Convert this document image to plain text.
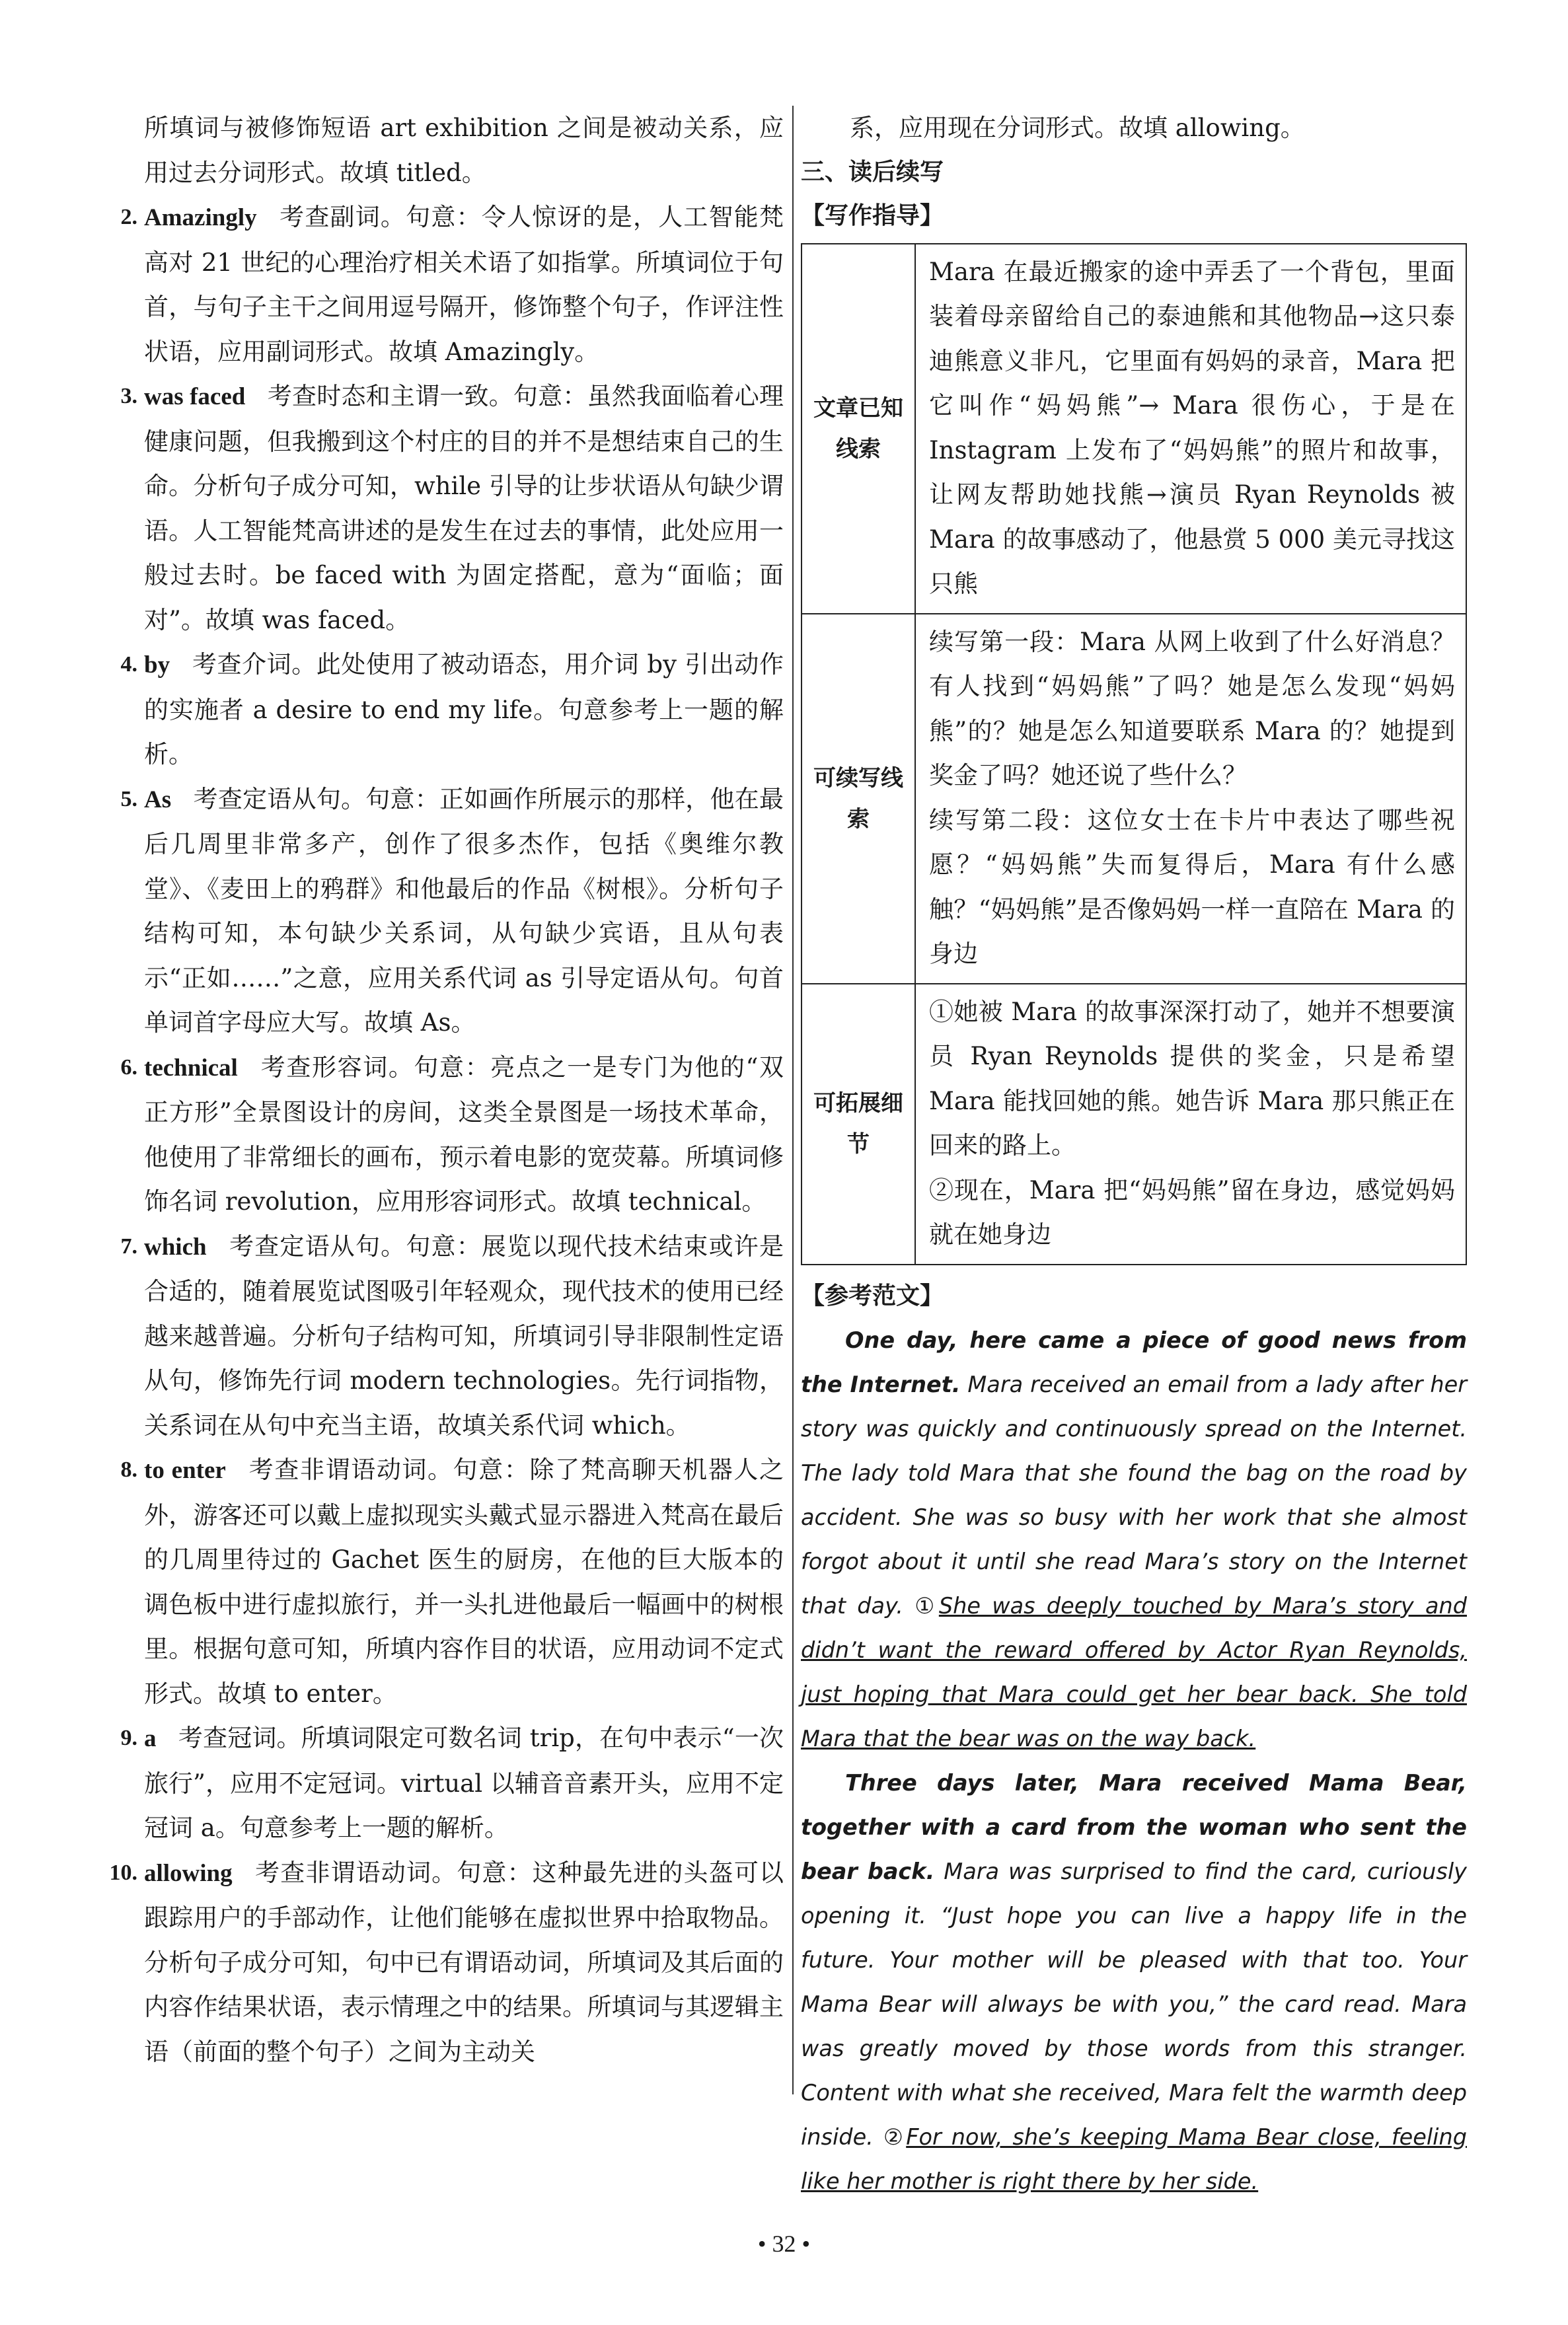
所填词与被修饰短语 art exhibition 之间是被动关系，应用过去分词形式。故填 titled。

2. Amazingly 考查副词。句意：令人惊讶的是，人工智能梵高对 21 世纪的心理治疗相关术语了如指掌。所填词位于句首，与句子主干之间用逗号隔开，修饰整个句子，作评注性状语，应用副词形式。故填 Amazingly。

3. was faced 考查时态和主谓一致。句意：虽然我面临着心理健康问题，但我搬到这个村庄的目的并不是想结束自己的生命。分析句子成分可知，while 引导的让步状语从句缺少谓语。人工智能梵高讲述的是发生在过去的事情，此处应用一般过去时。be faced with 为固定搭配，意为“面临；面对”。故填 was faced。

4. by 考查介词。此处使用了被动语态，用介词 by 引出动作的实施者 a desire to end my life。句意参考上一题的解析。

5. As 考查定语从句。句意：正如画作所展示的那样，他在最后几周里非常多产，创作了很多杰作，包括《奥维尔教堂》、《麦田上的鸦群》和他最后的作品《树根》。分析句子结构可知，本句缺少关系词，从句缺少宾语，且从句表示“正如……”之意，应用关系代词 as 引导定语从句。句首单词首字母应大写。故填 As。

6. technical 考查形容词。句意：亮点之一是专门为他的“双正方形”全景图设计的房间，这类全景图是一场技术革命，他使用了非常细长的画布，预示着电影的宽荧幕。所填词修饰名词 revolution，应用形容词形式。故填 technical。

7. which 考查定语从句。句意：展览以现代技术结束或许是合适的，随着展览试图吸引年轻观众，现代技术的使用已经越来越普遍。分析句子结构可知，所填词引导非限制性定语从句，修饰先行词 modern technologies。先行词指物，关系词在从句中充当主语，故填关系代词 which。

8. to enter 考查非谓语动词。句意：除了梵高聊天机器人之外，游客还可以戴上虚拟现实头戴式显示器进入梵高在最后的几周里待过的 Gachet 医生的厨房，在他的巨大版本的调色板中进行虚拟旅行，并一头扎进他最后一幅画中的树根里。根据句意可知，所填内容作目的状语，应用动词不定式形式。故填 to enter。

9. a 考查冠词。所填词限定可数名词 trip，在句中表示“一次旅行”，应用不定冠词。virtual 以辅音音素开头，应用不定冠词 a。句意参考上一题的解析。

10. allowing 考查非谓语动词。句意：这种最先进的头盔可以跟踪用户的手部动作，让他们能够在虚拟世界中拾取物品。分析句子成分可知，句中已有谓语动词，所填词及其后面的内容作结果状语，表示情理之中的结果。所填词与其逻辑主语（前面的整个句子）之间为主动关

系，应用现在分词形式。故填 allowing。

三、读后续写

【写作指导】

文章已知线索	Mara 在最近搬家的途中弄丢了一个背包，里面装着母亲留给自己的泰迪熊和其他物品→这只泰迪熊意义非凡，它里面有妈妈的录音，Mara 把它叫作“妈妈熊”→ Mara 很伤心，于是在 Instagram 上发布了“妈妈熊”的照片和故事，让网友帮助她找熊→演员 Ryan Reynolds 被 Mara 的故事感动了，他悬赏 5 000 美元寻找这只熊

可续写线索	续写第一段：Mara 从网上收到了什么好消息？有人找到“妈妈熊”了吗？她是怎么发现“妈妈熊”的？她是怎么知道要联系 Mara 的？她提到奖金了吗？她还说了些什么？

续写第二段：这位女士在卡片中表达了哪些祝愿？“妈妈熊”失而复得后，Mara 有什么感触？“妈妈熊”是否像妈妈一样一直陪在 Mara 的身边

可拓展细节	①她被 Mara 的故事深深打动了，她并不想要演员 Ryan Reynolds 提供的奖金，只是希望 Mara 能找回她的熊。她告诉 Mara 那只熊正在回来的路上。

②现在，Mara 把“妈妈熊”留在身边，感觉妈妈就在她身边

【参考范文】

One day, here came a piece of good news from the Internet. Mara received an email from a lady after her story was quickly and continuously spread on the Internet. The lady told Mara that she found the bag on the road by accident. She was so busy with her work that she almost forgot about it until she read Mara’s story on the Internet that day. ①She was deeply touched by Mara’s story and didn’t want the reward offered by Actor Ryan Reynolds, just hoping that Mara could get her bear back. She told Mara that the bear was on the way back.

Three days later, Mara received Mama Bear, together with a card from the woman who sent the bear back. Mara was surprised to find the card, curiously opening it. “Just hope you can live a happy life in the future. Your mother will be pleased with that too. Your Mama Bear will always be with you,” the card read. Mara was greatly moved by those words from this stranger. Content with what she received, Mara felt the warmth deep inside. ②For now, she’s keeping Mama Bear close, feeling like her mother is right there by her side.

• 32 •
